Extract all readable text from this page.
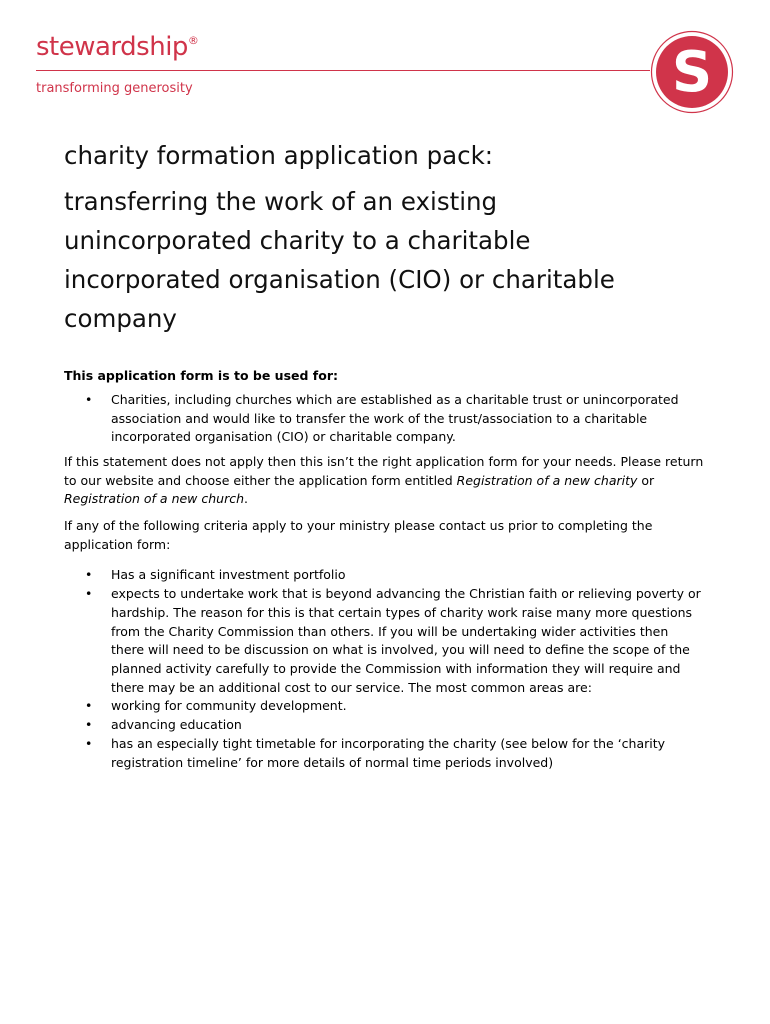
stewardship®
transforming generosity	S
charity formation application pack:
transferring the work of an existing
unincorporated charity to a charitable
incorporated organisation (CIO) or charitable
company
This application form is to be used for:
• Charities, including churches which are established as a charitable trust or unincorporated association and would like to transfer the work of the trust/association to a charitable incorporated organisation (CIO) or charitable company.

If this statement does not apply then this isn’t the right application form for your needs. Please return to our website and choose either the application form entitled Registration of a new charity or Registration of a new church.

If any of the following criteria apply to your ministry please contact us prior to completing the application form:

• Has a significant investment portfolio
• expects to undertake work that is beyond advancing the Christian faith or relieving poverty or hardship. The reason for this is that certain types of charity work raise many more questions from the Charity Commission than others. If you will be undertaking wider activities then there will need to be discussion on what is involved, you will need to define the scope of the planned activity carefully to provide the Commission with information they will require and there may be an additional cost to our service. The most common areas are:
• working for community development.
• advancing education
• has an especially tight timetable for incorporating the charity (see below for the ‘charity registration timeline’ for more details of normal time periods involved)
